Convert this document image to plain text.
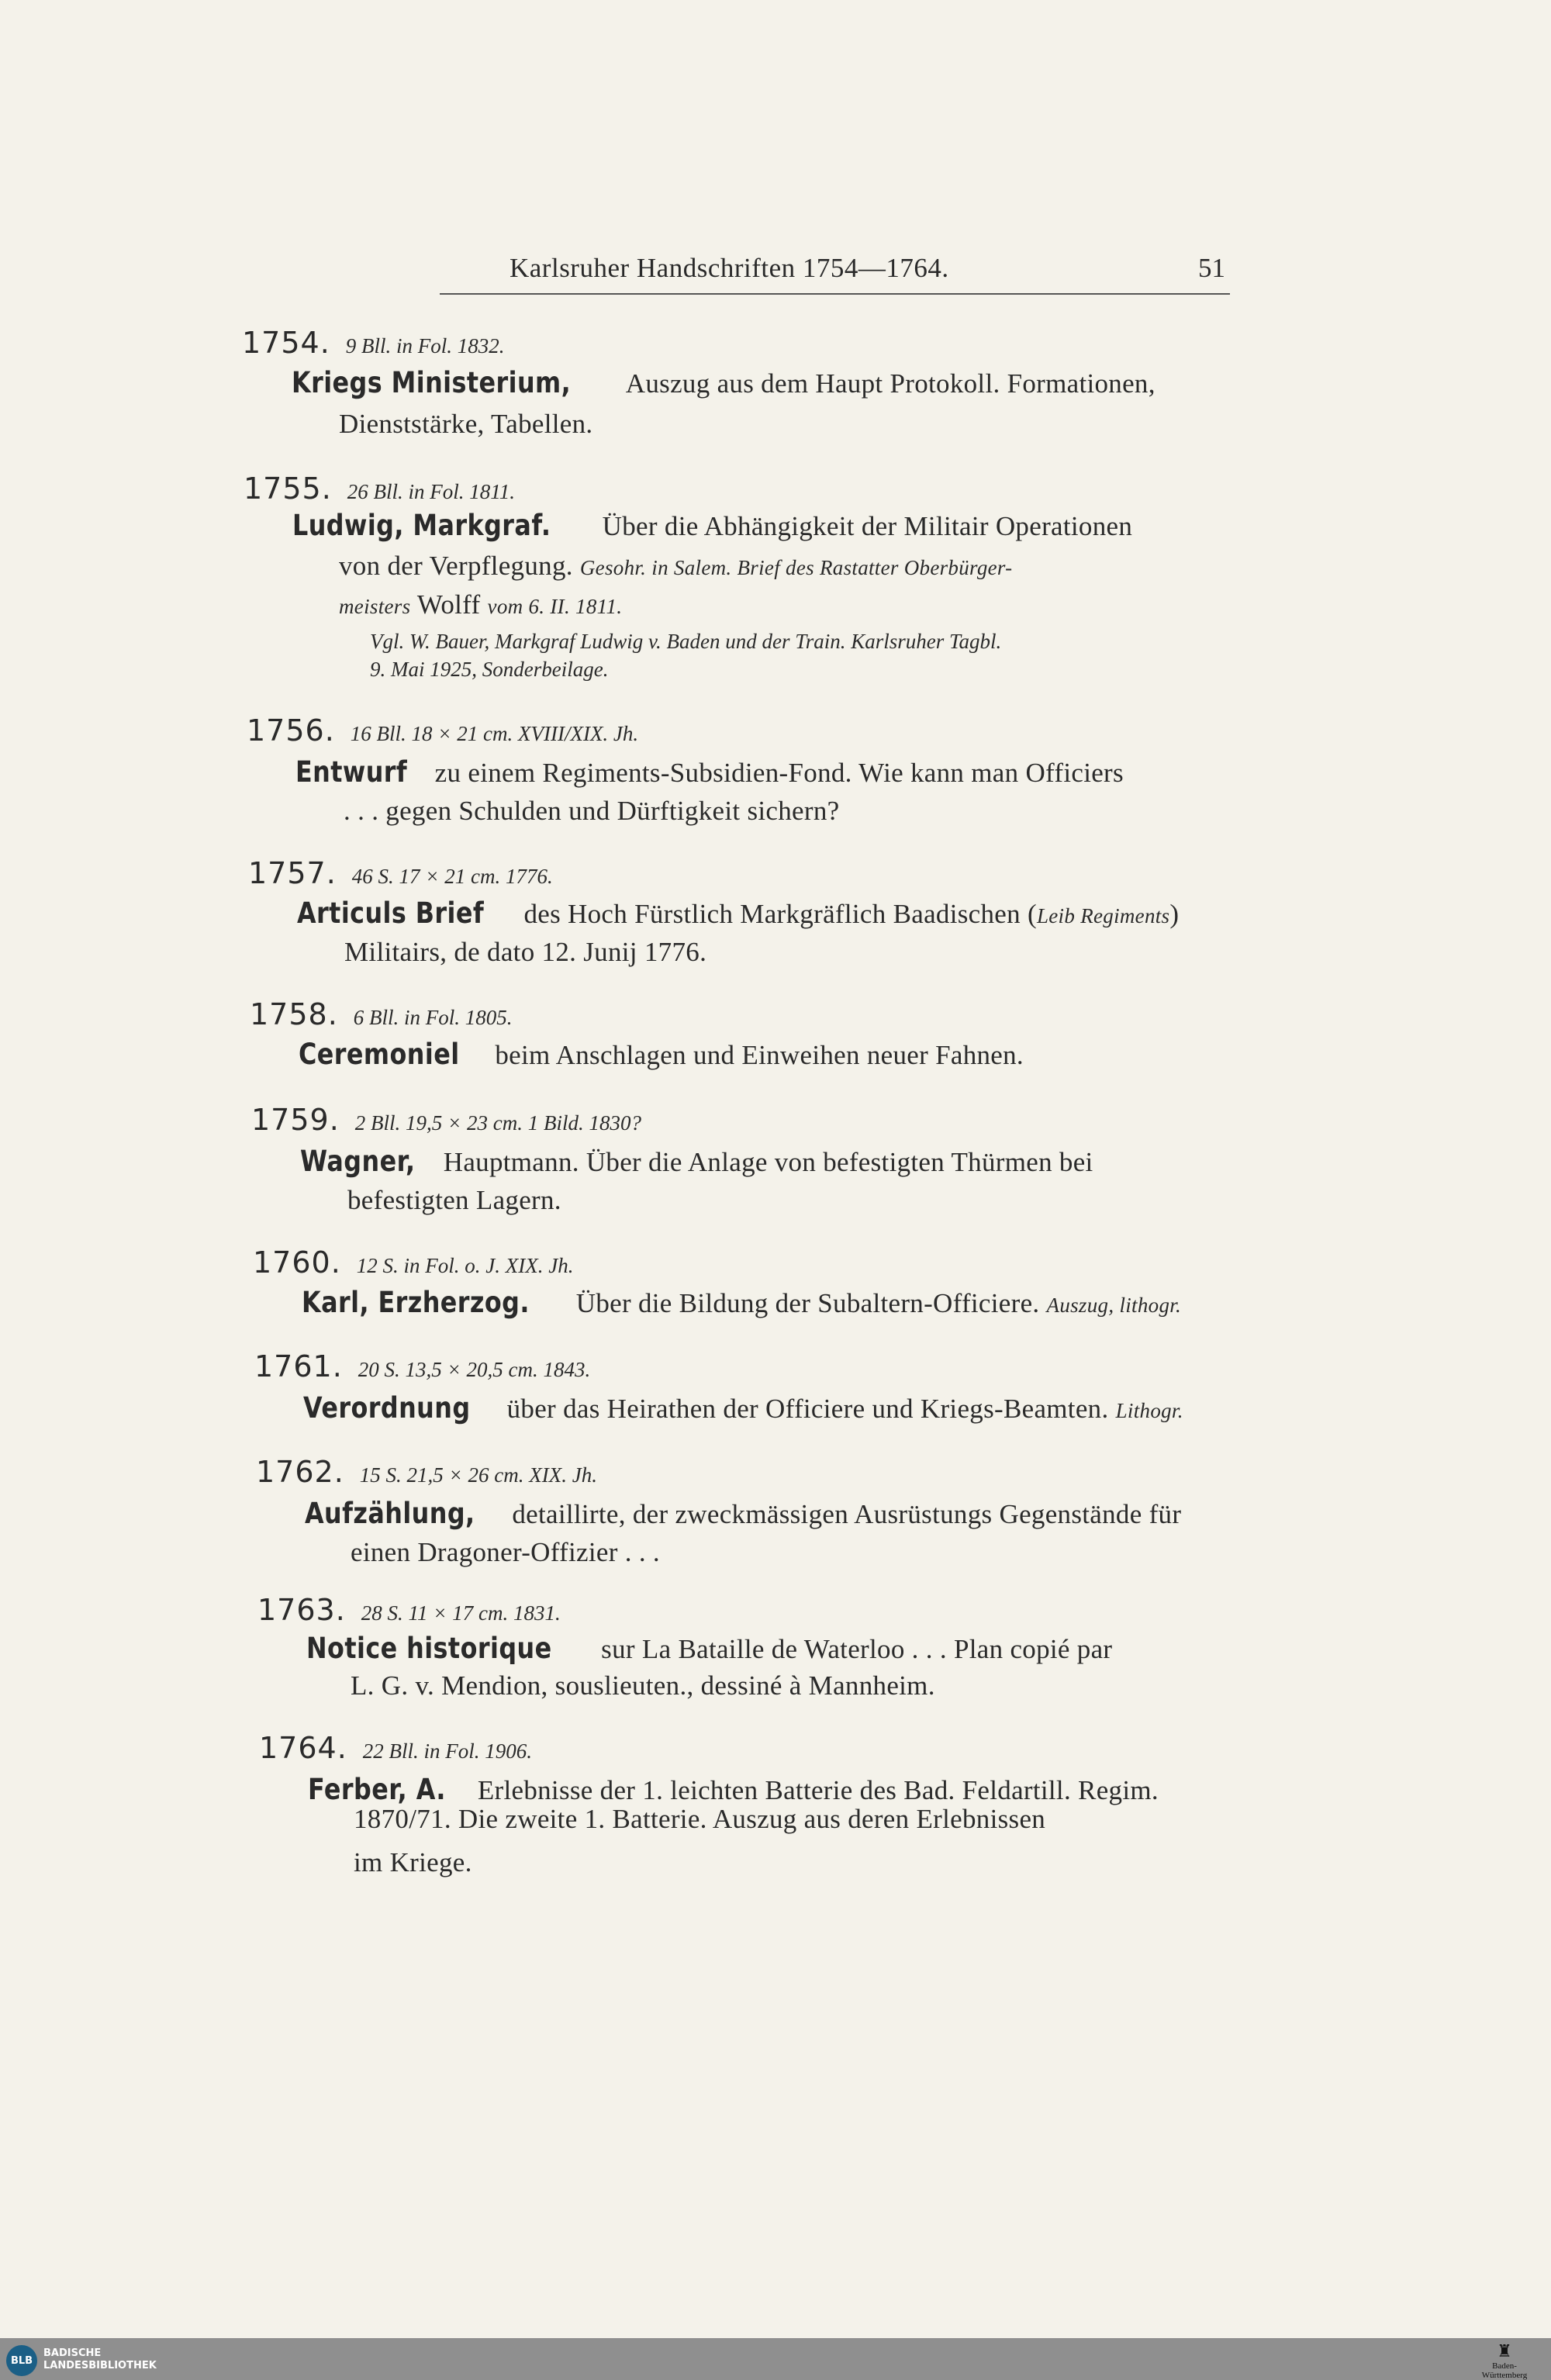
Karlsruher Handschriften 1754—1764.	51
1754. 9 Bll. in Fol. 1832.
Kriegs Ministerium, Auszug aus dem Haupt Protokoll. Formationen,
Dienststärke, Tabellen.
1755. 26 Bll. in Fol. 1811.
Ludwig, Markgraf. Über die Abhängigkeit der Militair Operationen
von der Verpflegung. Gesohr. in Salem. Brief des Rastatter Oberbürger-
meisters Wolff vom 6. II. 1811.
Vgl. W. Bauer, Markgraf Ludwig v. Baden und der Train. Karlsruher Tagbl.
9. Mai 1925, Sonderbeilage.
1756. 16 Bll. 18 × 21 cm. XVIII/XIX. Jh.
Entwurf zu einem Regiments-Subsidien-Fond. Wie kann man Officiers
. . . gegen Schulden und Dürftigkeit sichern?
1757. 46 S. 17 × 21 cm. 1776.
Articuls Brief des Hoch Fürstlich Markgräflich Baadischen (Leib Regiments)
Militairs, de dato 12. Junij 1776.
1758. 6 Bll. in Fol. 1805.
Ceremoniel beim Anschlagen und Einweihen neuer Fahnen.
1759. 2 Bll. 19,5 × 23 cm. 1 Bild. 1830?
Wagner, Hauptmann. Über die Anlage von befestigten Thürmen bei
befestigten Lagern.
1760. 12 S. in Fol. o. J. XIX. Jh.
Karl, Erzherzog. Über die Bildung der Subaltern-Officiere. Auszug, lithogr.
1761. 20 S. 13,5 × 20,5 cm. 1843.
Verordnung über das Heirathen der Officiere und Kriegs-Beamten. Lithogr.
1762. 15 S. 21,5 × 26 cm. XIX. Jh.
Aufzählung, detaillirte, der zweckmässigen Ausrüstungs Gegenstände für
einen Dragoner-Offizier . . .
1763. 28 S. 11 × 17 cm. 1831.
Notice historique sur La Bataille de Waterloo . . . Plan copié par
L. G. v. Mendion, souslieuten., dessiné à Mannheim.
1764. 22 Bll. in Fol. 1906.
Ferber, A. Erlebnisse der 1. leichten Batterie des Bad. Feldartill. Regim.
1870/71. Die zweite 1. Batterie. Auszug aus deren Erlebnissen
im Kriege.
BLB
BADISCHE
LANDESBIBLIOTHEK
♜
Baden-Württemberg
